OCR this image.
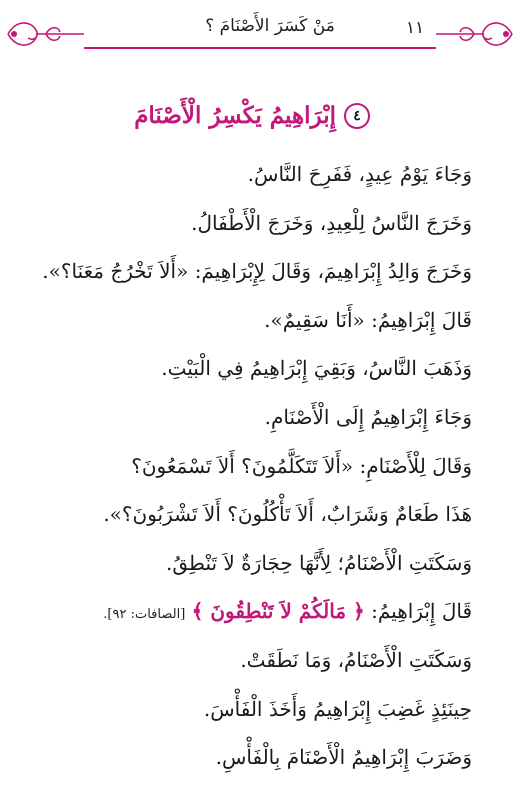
مَنْ كَسَرَ الأَصْنَامَ ؟	١١
٤
إِبْرَاهِيمُ يَكْسِرُ الْأَصْنَامَ
وَجَاءَ يَوْمُ عِيدٍ، فَفَرِحَ النَّاسُ.
وَخَرَجَ النَّاسُ لِلْعِيدِ، وَخَرَجَ الْأَطْفَالُ.
وَخَرَجَ وَالِدُ إِبْرَاهِيمَ، وَقَالَ لِإِبْرَاهِيمَ: «أَلاَ تَخْرُجُ مَعَنَا؟».
قَالَ إِبْرَاهِيمُ: «أَنَا سَقِيمٌ».
وَذَهَبَ النَّاسُ، وَبَقِيَ إِبْرَاهِيمُ فِي الْبَيْتِ.
وَجَاءَ إِبْرَاهِيمُ إِلَى الْأَصْنَامِ.
وَقَالَ لِلْأَصْنَامِ: «أَلاَ تَتَكَلَّمُونَ؟ أَلاَ تَسْمَعُونَ؟
هَذَا طَعَامٌ وَشَرَابٌ، أَلاَ تَأْكُلُونَ؟ أَلاَ تَشْرَبُونَ؟».
وَسَكَتَتِ الْأَصْنَامُ؛ لِأَنَّهَا حِجَارَةٌ لاَ تَنْطِقُ.
قَالَ إِبْرَاهِيمُ: ﴿ مَالَكُمْ لاَ تَنْطِقُونَ ﴾ [الصافات: ٩٢].
وَسَكَتَتِ الْأَصْنَامُ، وَمَا نَطَقَتْ.
حِينَئِذٍ غَضِبَ إِبْرَاهِيمُ وَأَخَذَ الْفَأْسَ.
وَضَرَبَ إِبْرَاهِيمُ الْأَصْنَامَ بِالْفَأْسِ.
